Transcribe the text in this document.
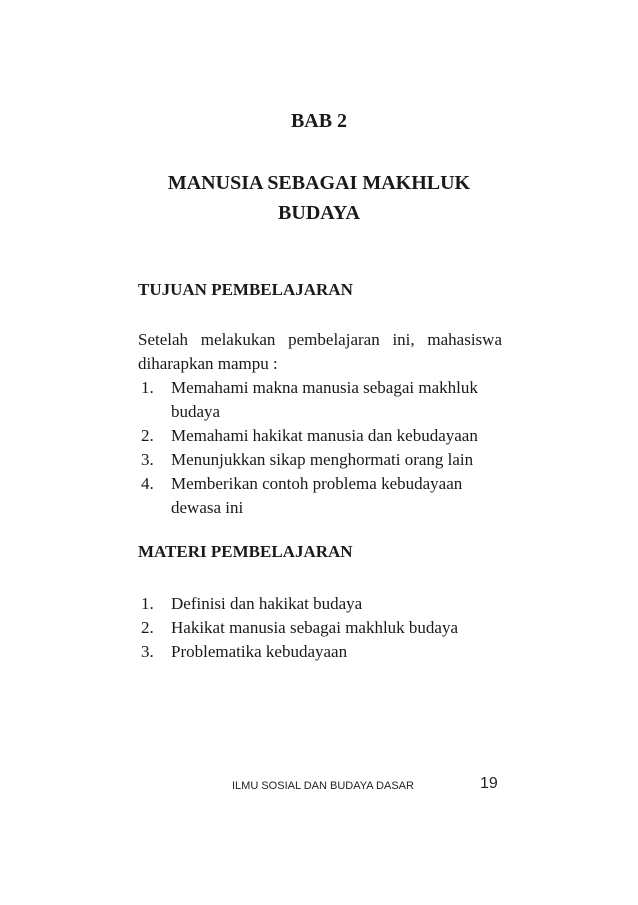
BAB 2
MANUSIA SEBAGAI MAKHLUK
BUDAYA
TUJUAN PEMBELAJARAN
Setelah melakukan pembelajaran ini, mahasiswa
diharapkan mampu :
1. Memahami makna manusia sebagai makhluk budaya
2. Memahami hakikat manusia dan kebudayaan
3. Menunjukkan sikap menghormati orang lain
4. Memberikan contoh problema kebudayaan dewasa ini
MATERI PEMBELAJARAN
1. Definisi dan hakikat budaya
2. Hakikat manusia sebagai makhluk budaya
3. Problematika kebudayaan
ILMU SOSIAL DAN BUDAYA DASAR	19
